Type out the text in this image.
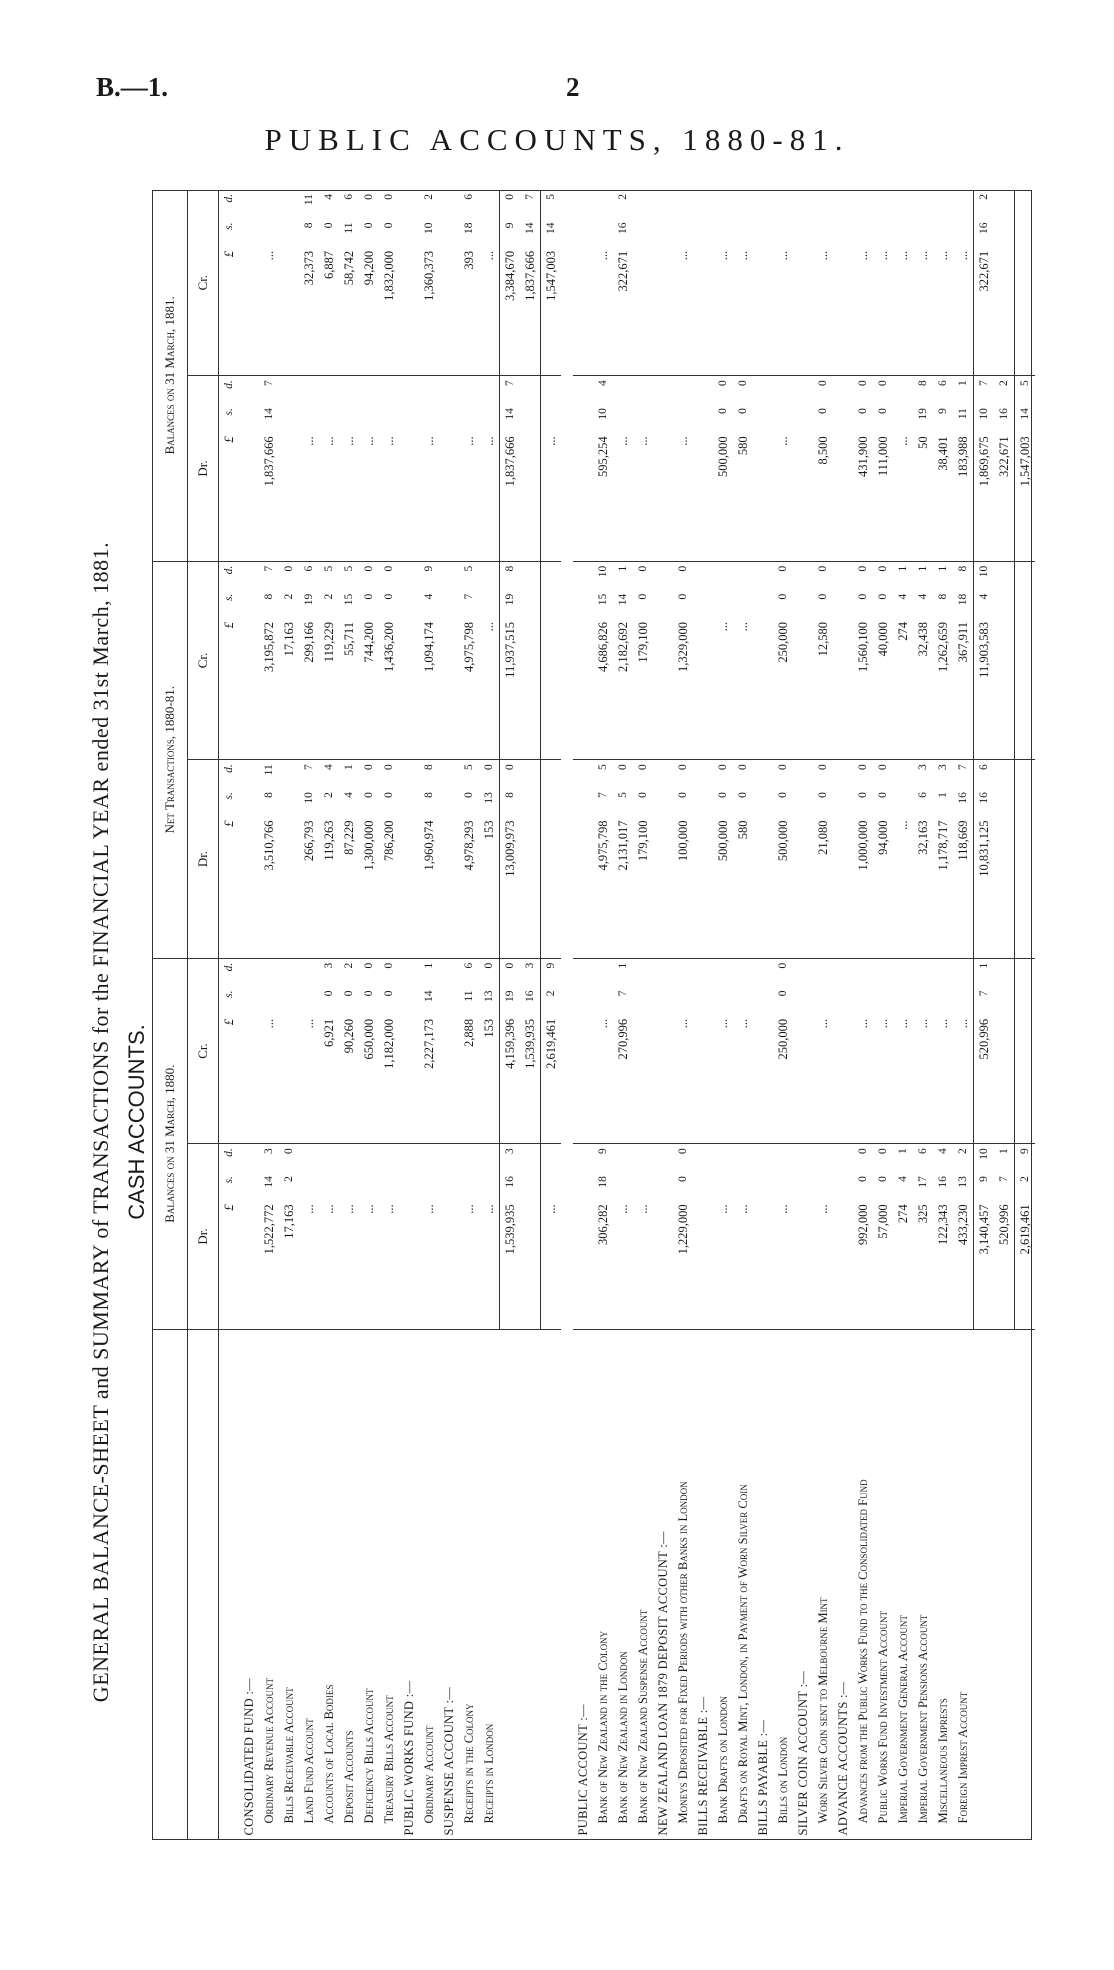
B.—1.	2
PUBLIC ACCOUNTS, 1880-81.
GENERAL BALANCE-SHEET and SUMMARY of TRANSACTIONS for the FINANCIAL YEAR ended 31st March, 1881. CASH ACCOUNTS.
		Balances on 31 March, 1880.						Net Transactions, 1880-81.						Balances on 31 March, 1881.					
	Dr.			Cr.			Dr.			Cr.			Dr.			Cr.		
	£	s.	d.	£	s.	d.	£	s.	d.	£	s.	d.	£	s.	d.	£	s.	d.
CONSOLIDATED FUND :—																		
Ordinary Revenue Account	1,522,772	14	3	...			3,510,766	8	11	3,195,872	8	7	1,837,666	14	7	...		
Bills Receivable Account	17,163	2	0							17,163	2	0						
Land Fund Account	...			...			266,793	10	7	299,166	19	6	...			32,373	8	11
Accounts of Local Bodies	...			6,921	0	3	119,263	2	4	119,229	2	5	...			6,887	0	4
Deposit Accounts	...			90,260	0	2	87,229	4	1	55,711	15	5	...			58,742	11	6
Deficiency Bills Account	...			650,000	0	0	1,300,000	0	0	744,200	0	0	...			94,200	0	0
Treasury Bills Account	...			1,182,000	0	0	786,200	0	0	1,436,200	0	0	...			1,832,000	0	0
PUBLIC WORKS FUND :—																		
Ordinary Account	...			2,227,173	14	1	1,960,974	8	8	1,094,174	4	9	...			1,360,373	10	2
SUSPENSE ACCOUNT :—																		
Receipts in the Colony	...			2,888	11	6	4,978,293	0	5	4,975,798	7	5	...			393	18	6
Receipts in London	...			153	13	0	153	13	0	...			...			...		
	1,539,935	16	3	4,159,396	19	0	13,009,973	8	0	11,937,515	19	8	1,837,666	14	7	3,384,670	9	0
				1,539,935	16	3										1,837,666	14	7
	...			2,619,461	2	9							...			1,547,003	14	5

PUBLIC ACCOUNT :—																		
Bank of New Zealand in the Colony	306,282	18	9	...			4,975,798	7	5	4,686,826	15	10	595,254	10	4	...		
Bank of New Zealand in London	...			270,996	7	1	2,131,017	5	0	2,182,692	14	1	...			322,671	16	2
Bank of New Zealand Suspense Account	...						179,100	0	0	179,100	0	0	...					
NEW ZEALAND LOAN 1879 DEPOSIT ACCOUNT :—																		
Moneys Deposited for Fixed Periods with other Banks in London	1,229,000	0	0	...			100,000	0	0	1,329,000	0	0	...			...		
BILLS RECEIVABLE :—																		
Bank Drafts on London	...			...			500,000	0	0	...			500,000	0	0	...		
Drafts on Royal Mint, London, in Payment of Worn Silver Coin	...			...			580	0	0	...			580	0	0	...		
BILLS PAYABLE :—																		
Bills on London	...			250,000	0	0	500,000	0	0	250,000	0	0	...			...		
SILVER COIN ACCOUNT :—																		
Worn Silver Coin sent to Melbourne Mint	...			...			21,080	0	0	12,580	0	0	8,500	0	0	...		
ADVANCE ACCOUNTS :—																		
Advances from the Public Works Fund to the Consolidated Fund	992,000	0	0	...			1,000,000	0	0	1,560,100	0	0	431,900	0	0	...		
Public Works Fund Investment Account	57,000	0	0	...			94,000	0	0	40,000	0	0	111,000	0	0	...		
Imperial Government General Account	274	4	1	...			...			274	4	1	...			...		
Imperial Government Pensions Account	325	17	6	...			32,163	6	3	32,438	4	1	50	19	8	...		
Miscellaneous Imprests	122,343	16	4	...			1,178,717	1	3	1,262,659	8	1	38,401	9	6	...		
Foreign Imprest Account	433,230	13	2	...			118,669	16	7	367,911	18	8	183,988	11	1	...		
	3,140,457	9	10	520,996	7	1	10,831,125	16	6	11,903,583	4	10	1,869,675	10	7	322,671	16	2
	520,996	7	1										322,671	16	2			
	2,619,461	2	9										1,547,003	14	5			
